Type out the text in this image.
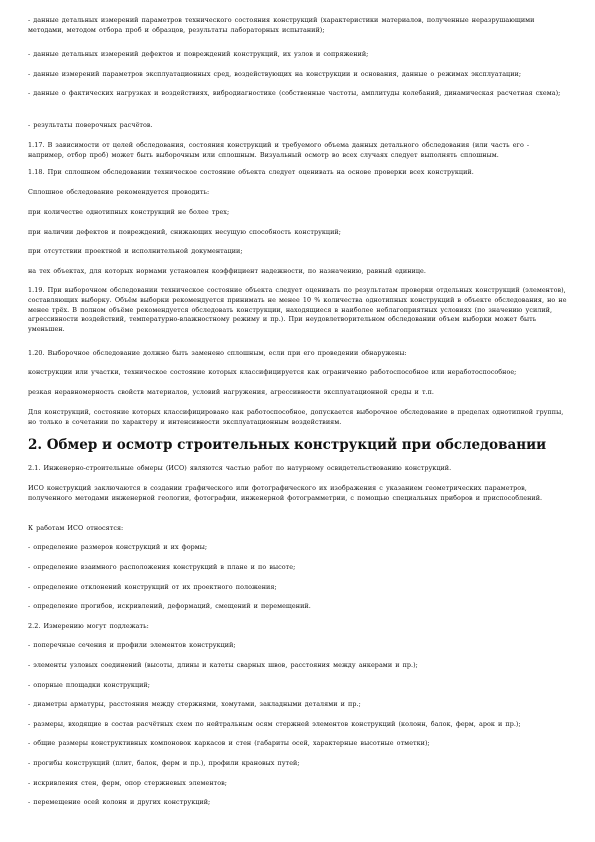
- данные детальных измерений параметров технического состояния конструкций (характеристики материалов, полученные неразрушающими методами, методом отбора проб и образцов, результаты лабораторных испытаний);

- данные детальных измерений дефектов и повреждений конструкций, их узлов и сопряжений;

- данные измерений параметров эксплуатационных сред, воздействующих на конструкции и основания, данные о режимах эксплуатации;

- данные о фактических нагрузках и воздействиях, вибродиагностике (собственные частоты, амплитуды колебаний, динамическая расчетная схема);

- результаты поверочных расчётов.

1.17. В зависимости от целей обследования, состояния конструкций и требуемого объема данных детального обследования (или часть его - например, отбор проб) может быть выборочным или сплошным. Визуальный осмотр во всех случаях следует выполнять сплошным.

1.18. При сплошном обследовании техническое состояние объекта следует оценивать на основе проверки всех конструкций.

Сплошное обследование рекомендуется проводить:

при количестве однотипных конструкций не более трех;

при наличии дефектов и повреждений, снижающих несущую способность конструкций;

при отсутствии проектной и исполнительной документации;

на тех объектах, для которых нормами установлен коэффициент надежности, по назначению, равный единице.

1.19. При выборочном обследовании техническое состояние объекта следует оценивать по результатам проверки отдельных конструкций (элементов), составляющих выборку. Объём выборки рекомендуется принимать не менее 10 % количества однотипных конструкций в объекте обследования, но не менее трёх. В полном объёме рекомендуется обследовать конструкции, находящиеся в наиболее неблагоприятных условиях (по значению усилий, агрессивности воздействий, температурно-влажностному режиму и пр.). При неудовлетворительном обследовании объем выборки может быть уменьшен.

1.20. Выборочное обследование должно быть заменено сплошным, если при его проведении обнаружены:

конструкции или участки, техническое состояние которых классифицируется как ограниченно работоспособное или неработоспособное;

резкая неравномерность свойств материалов, условий нагружения, агрессивности эксплуатационной среды и т.п.

Для конструкций, состояние которых классифицировано как работоспособное, допускается выборочное обследование в пределах однотипной группы, но только в сочетании по характеру и интенсивности эксплуатационным воздействиям.

2. Обмер и осмотр строительных конструкций при обследовании

2.1. Инженерно-строительные обмеры (ИСО) являются частью работ по натурному освидетельствованию конструкций.

ИСО конструкций заключаются в создании графического или фотографического их изображения с указанием геометрических параметров, полученного методами инженерной геологии, фотографии, инженерной фотограмметрии, с помощью специальных приборов и приспособлений.

К работам ИСО относятся:

- определение размеров конструкций и их формы;

- определение взаимного расположения конструкций в плане и по высоте;

- определение отклонений конструкций от их проектного положения;

- определение прогибов, искривлений, деформаций, смещений и перемещений.

2.2. Измерению могут подлежать:

- поперечные сечения и профили элементов конструкций;

- элементы узловых соединений (высоты, длины и катеты сварных швов, расстояния между анкерами и пр.);

- опорные площадки конструкций;

- диаметры арматуры, расстояния между стержнями, хомутами, закладными деталями и пр.;

- размеры, входящие в состав расчётных схем по нейтральным осям стержней элементов конструкций (колонн, балок, ферм, арок и пр.);

- общие размеры конструктивных компоновок каркасов и стен (габариты осей, характерные высотные отметки);

- прогибы конструкций (плит, балок, ферм и пр.), профили крановых путей;

- искривления стен, ферм, опор стержневых элементов;

- перемещение осей колонн и других конструкций;
